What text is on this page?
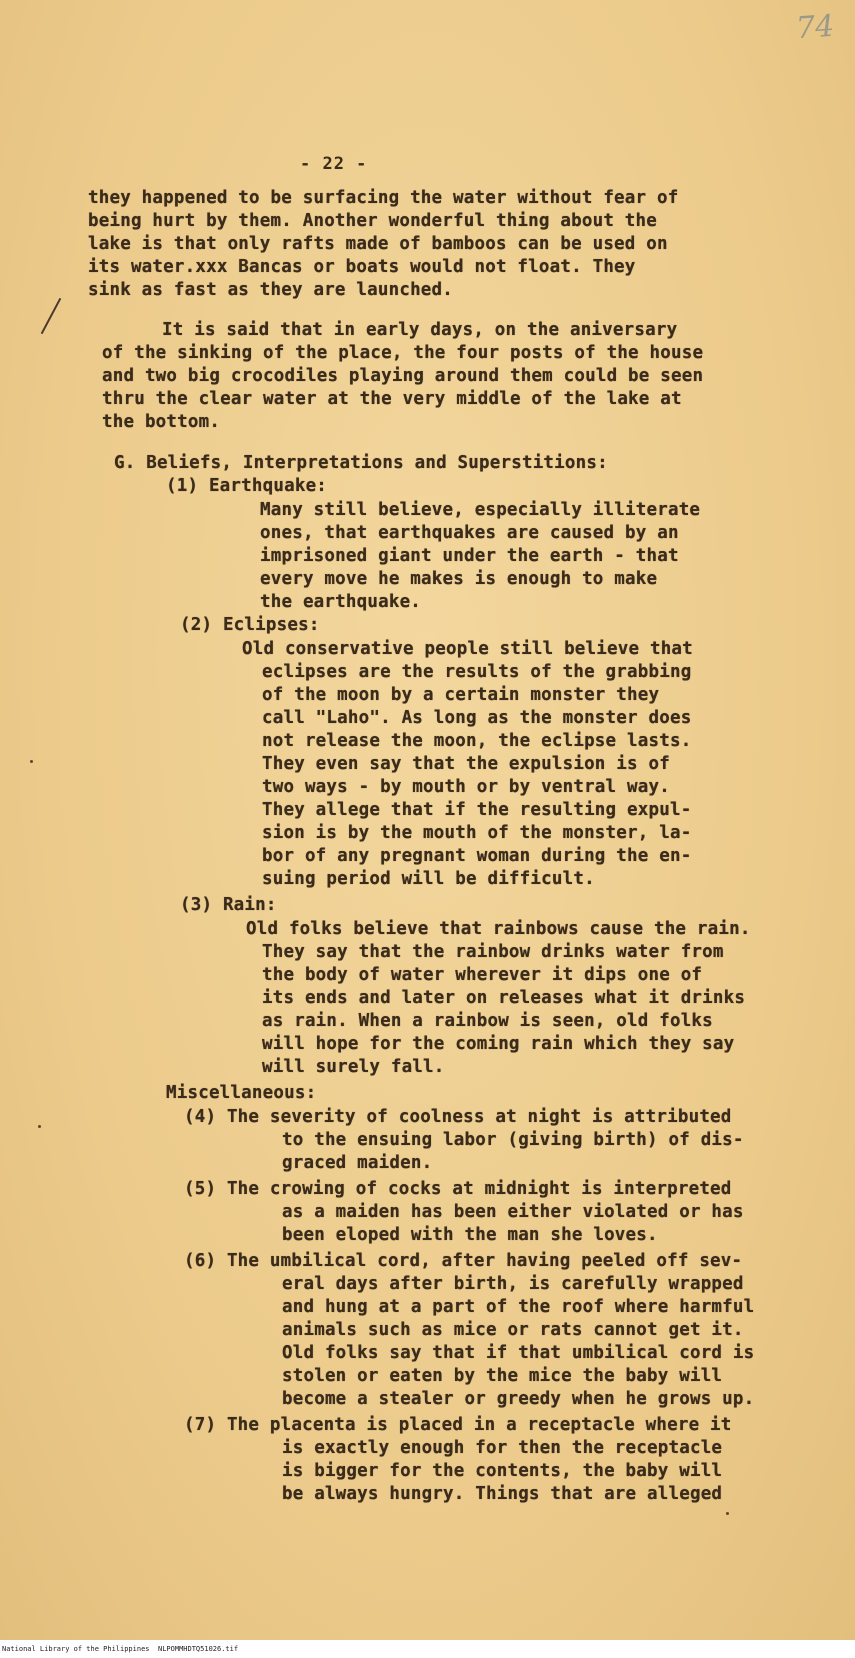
74
- 22 -
they happened to be surfacing the water without fear of
being hurt by them. Another wonderful thing about the
lake is that only rafts made of bamboos can be used on
its water.xxx Bancas or boats would not float. They
sink as fast as they are launched.
It is said that in early days, on the aniversary
of the sinking of the place, the four posts of the house
and two big crocodiles playing around them could be seen
thru the clear water at the very middle of the lake at
the bottom.
G. Beliefs, Interpretations and Superstitions:
(1) Earthquake:
Many still believe, especially illiterate
ones, that earthquakes are caused by an
imprisoned giant under the earth - that
every move he makes is enough to make
the earthquake.
(2) Eclipses:
Old conservative people still believe that
eclipses are the results of the grabbing
of the moon by a certain monster they
call "Laho". As long as the monster does
not release the moon, the eclipse lasts.
They even say that the expulsion is of
two ways - by mouth or by ventral way.
They allege that if the resulting expul-
sion is by the mouth of the monster, la-
bor of any pregnant woman during the en-
suing period will be difficult.
(3) Rain:
Old folks believe that rainbows cause the rain.
They say that the rainbow drinks water from
the body of water wherever it dips one of
its ends and later on releases what it drinks
as rain. When a rainbow is seen, old folks
will hope for the coming rain which they say
will surely fall.
Miscellaneous:
(4) The severity of coolness at night is attributed
to the ensuing labor (giving birth) of dis-
graced maiden.
(5) The crowing of cocks at midnight is interpreted
as a maiden has been either violated or has
been eloped with the man she loves.
(6) The umbilical cord, after having peeled off sev-
eral days after birth, is carefully wrapped
and hung at a part of the roof where harmful
animals such as mice or rats cannot get it.
Old folks say that if that umbilical cord is
stolen or eaten by the mice the baby will
become a stealer or greedy when he grows up.
(7) The placenta is placed in a receptacle where it
is exactly enough for then the receptacle
is bigger for the contents, the baby will
be always hungry. Things that are alleged
National Library of the Philippines NLPOMMHDTQ51026.tif
